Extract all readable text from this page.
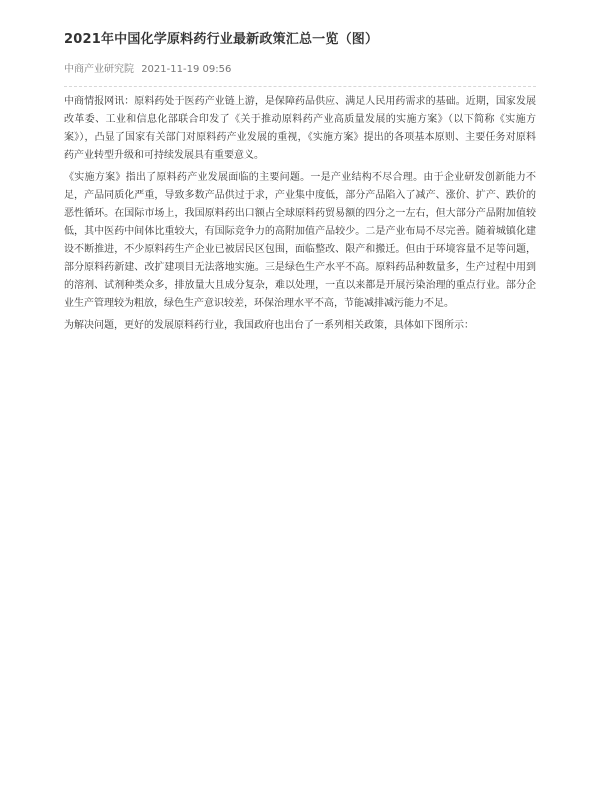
2021年中国化学原料药行业最新政策汇总一览（图）
中商产业研究院 2021-11-19 09:56

中商情报网讯：原料药处于医药产业链上游，是保障药品供应、满足人民用药需求的基础。近期，国家发展改革委、工业和信息化部联合印发了《关于推动原料药产业高质量发展的实施方案》（以下简称《实施方案》），凸显了国家有关部门对原料药产业发展的重视，《实施方案》提出的各项基本原则、主要任务对原料药产业转型升级和可持续发展具有重要意义。

《实施方案》指出了原料药产业发展面临的主要问题。一是产业结构不尽合理。由于企业研发创新能力不足，产品同质化严重，导致多数产品供过于求，产业集中度低，部分产品陷入了减产、涨价、扩产、跌价的恶性循环。在国际市场上，我国原料药出口额占全球原料药贸易额的四分之一左右，但大部分产品附加值较低，其中医药中间体比重较大，有国际竞争力的高附加值产品较少。二是产业布局不尽完善。随着城镇化建设不断推进，不少原料药生产企业已被居民区包围，面临整改、限产和搬迁。但由于环境容量不足等问题，部分原料药新建、改扩建项目无法落地实施。三是绿色生产水平不高。原料药品种数量多，生产过程中用到的溶剂、试剂种类众多，排放量大且成分复杂，难以处理，一直以来都是开展污染治理的重点行业。部分企业生产管理较为粗放，绿色生产意识较差，环保治理水平不高，节能减排减污能力不足。

为解决问题，更好的发展原料药行业，我国政府也出台了一系列相关政策，具体如下图所示：
